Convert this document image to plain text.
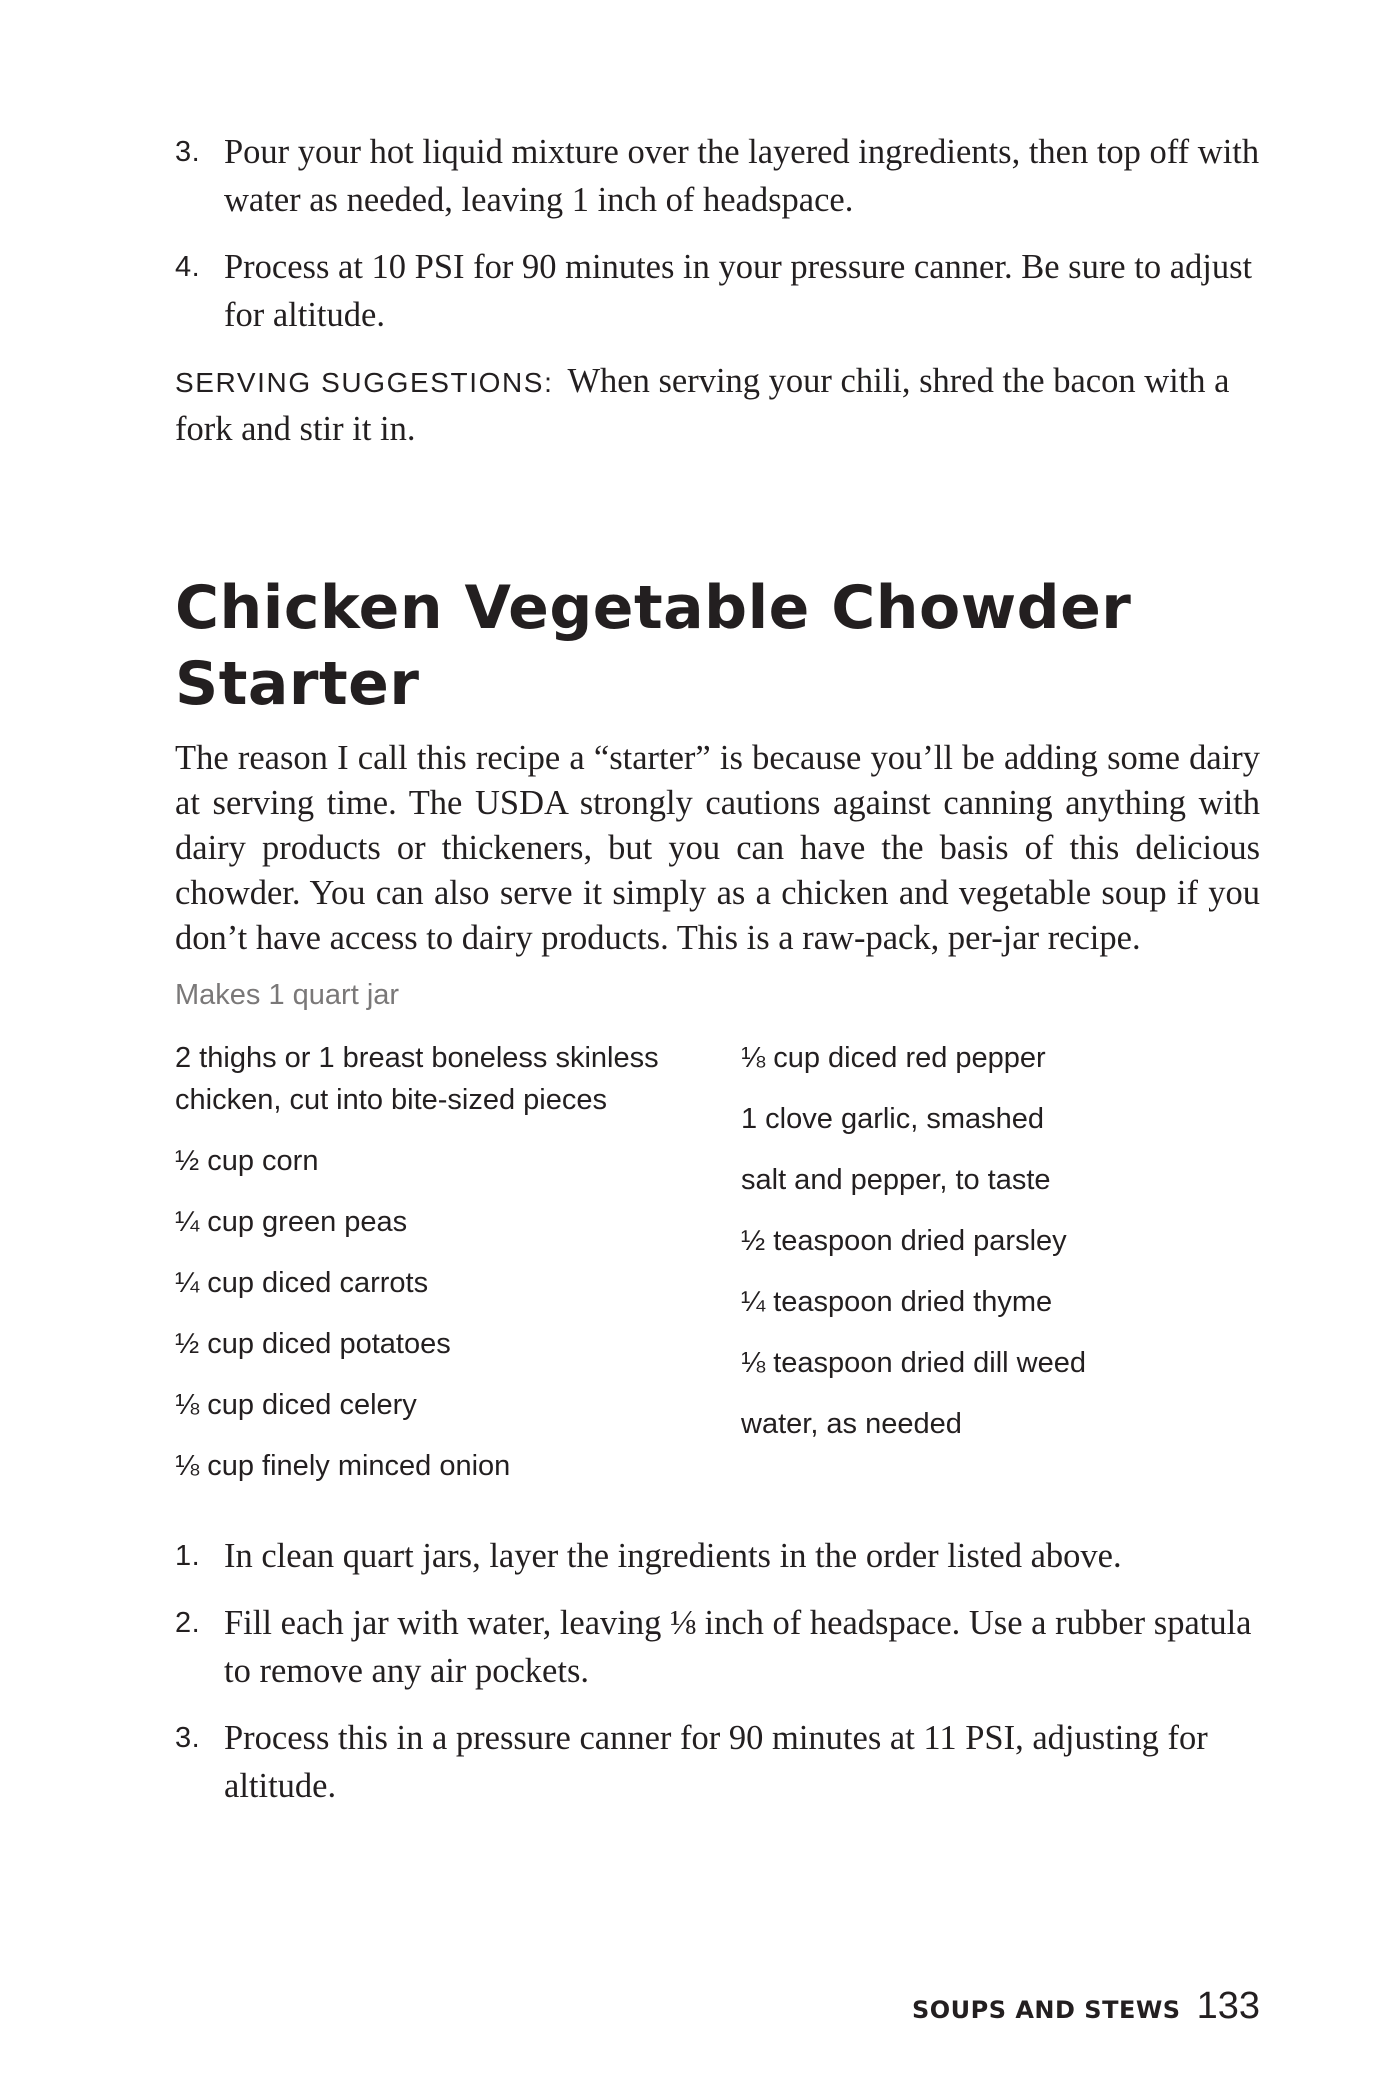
3. Pour your hot liquid mixture over the layered ingredients, then top off with water as needed, leaving 1 inch of headspace.
4. Process at 10 PSI for 90 minutes in your pressure canner. Be sure to adjust for altitude.

SERVING SUGGESTIONS: When serving your chili, shred the bacon with a fork and stir it in.

Chicken Vegetable Chowder Starter

The reason I call this recipe a “starter” is because you’ll be adding some dairy at serving time. The USDA strongly cautions against canning anything with dairy products or thickeners, but you can have the basis of this delicious chowder. You can also serve it simply as a chicken and vegetable soup if you don’t have access to dairy products. This is a raw-pack, per-jar recipe.

Makes 1 quart jar
2 thighs or 1 breast boneless skinless chicken, cut into bite-sized pieces
½ cup corn
¼ cup green peas
¼ cup diced carrots
½ cup diced potatoes
⅛ cup diced celery
⅛ cup finely minced onion
⅛ cup diced red pepper
1 clove garlic, smashed
salt and pepper, to taste
½ teaspoon dried parsley
¼ teaspoon dried thyme
⅛ teaspoon dried dill weed
water, as needed
1. In clean quart jars, layer the ingredients in the order listed above.
2. Fill each jar with water, leaving ⅛ inch of headspace. Use a rubber spatula to remove any air pockets.
3. Process this in a pressure canner for 90 minutes at 11 PSI, adjusting for altitude.
SOUPS AND STEWS 133
